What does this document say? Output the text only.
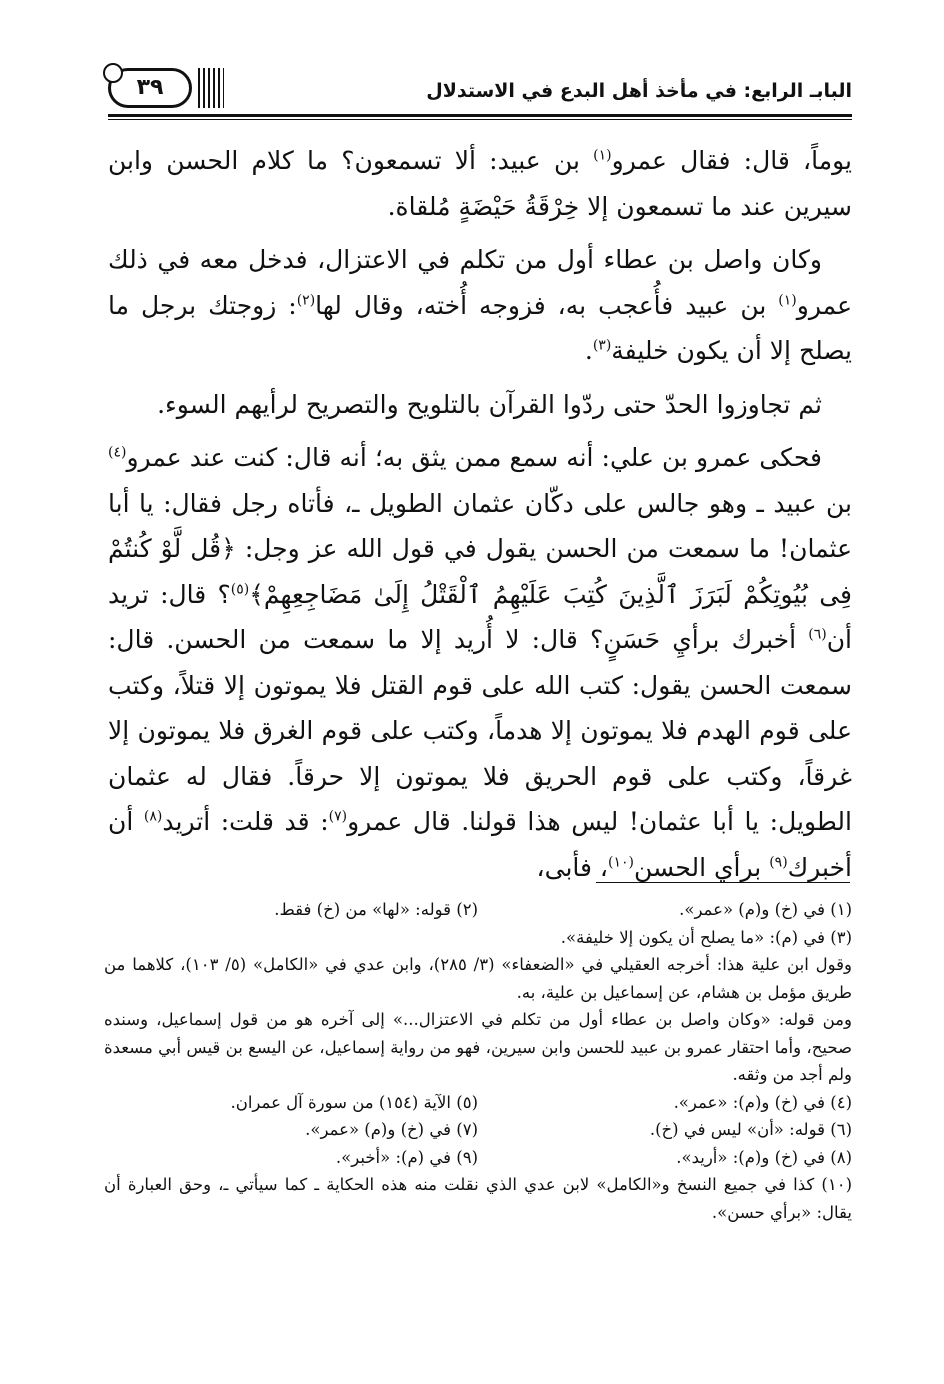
٣٩	البابـ الرابع: في مأخذ أهل البدع في الاستدلال

يوماً، قال: فقال عمرو$^{(١)}$ بن عبيد: ألا تسمعون؟ ما كلام الحسن وابن سيرين عند ما تسمعون إلا خِرْقَةُ حَيْضَةٍ مُلقاة.

وكان واصل بن عطاء أول من تكلم في الاعتزال، فدخل معه في ذلك عمرو$^{(١)}$ بن عبيد فأُعجب به، فزوجه أُخته، وقال لها$^{(٢)}$: زوجتك برجل ما يصلح إلا أن يكون خليفة$^{(٣)}$.

ثم تجاوزوا الحدّ حتى ردّوا القرآن بالتلويح والتصريح لرأيهم السوء.

فحكى عمرو بن علي: أنه سمع ممن يثق به؛ أنه قال: كنت عند عمرو$^{(٤)}$ بن عبيد ـ وهو جالس على دكّان عثمان الطويل ـ، فأتاه رجل فقال: يا أبا عثمان! ما سمعت من الحسن يقول في قول الله عز وجل: ﴿قُل لَّوْ كُنتُمْ فِى بُيُوتِكُمْ لَبَرَزَ ٱلَّذِينَ كُتِبَ عَلَيْهِمُ ٱلْقَتْلُ إِلَىٰ مَضَاجِعِهِمْ﴾$^{(٥)}$؟ قال: تريد أن$^{(٦)}$ أخبرك برأيِ حَسَنٍ؟ قال: لا أُريد إلا ما سمعت من الحسن. قال: سمعت الحسن يقول: كتب الله على قوم القتل فلا يموتون إلا قتلاً، وكتب على قوم الهدم فلا يموتون إلا هدماً، وكتب على قوم الغرق فلا يموتون إلا غرقاً، وكتب على قوم الحريق فلا يموتون إلا حرقاً. فقال له عثمان الطويل: يا أبا عثمان! ليس هذا قولنا. قال عمرو$^{(٧)}$: قد قلت: أتريد$^{(٨)}$ أن أخبرك$^{(٩)}$ برأي الحسن$^{(١٠)}$، فأبى،

(١) في (خ) و(م) «عمر».
(٢) قوله: «لها» من (خ) فقط.
(٣) في (م): «ما يصلح أن يكون إلا خليفة».
وقول ابن علية هذا: أخرجه العقيلي في «الضعفاء» (٣/ ٢٨٥)، وابن عدي في «الكامل» (٥/ ١٠٣)، كلاهما من طريق مؤمل بن هشام، عن إسماعيل بن علية، به.
ومن قوله: «وكان واصل بن عطاء أول من تكلم في الاعتزال...» إلى آخره هو من قول إسماعيل، وسنده صحيح، وأما احتقار عمرو بن عبيد للحسن وابن سيرين، فهو من رواية إسماعيل، عن اليسع بن قيس أبي مسعدة ولم أجد من وثقه.
(٤) في (خ) و(م): «عمر».
(٥) الآية (١٥٤) من سورة آل عمران.
(٦) قوله: «أن» ليس في (خ).
(٧) في (خ) و(م) «عمر».
(٨) في (خ) و(م): «أريد».
(٩) في (م): «أخبر».
(١٠) كذا في جميع النسخ و«الكامل» لابن عدي الذي نقلت منه هذه الحكاية ـ كما سيأتي ـ، وحق العبارة أن يقال: «برأي حسن».
